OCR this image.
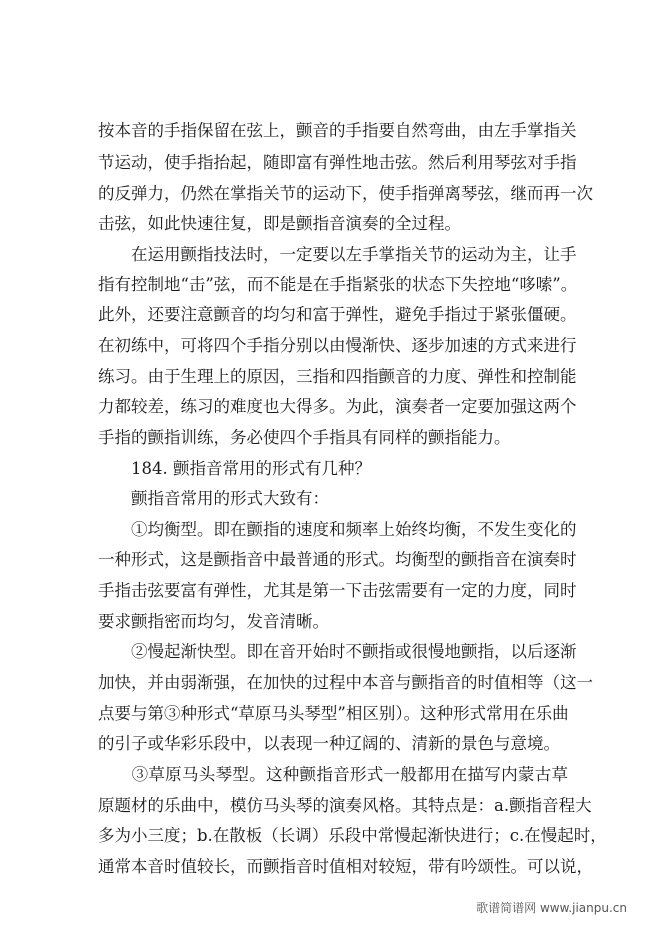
按本音的手指保留在弦上，颤音的手指要自然弯曲，由左手掌指关
节运动，使手指抬起，随即富有弹性地击弦。然后利用琴弦对手指
的反弹力，仍然在掌指关节的运动下，使手指弹离琴弦，继而再一次
击弦，如此快速往复，即是颤指音演奏的全过程。
　　在运用颤指技法时，一定要以左手掌指关节的运动为主，让手
指有控制地“击”弦，而不能是在手指紧张的状态下失控地“哆嗦”。
此外，还要注意颤音的均匀和富于弹性，避免手指过于紧张僵硬。
在初练中，可将四个手指分别以由慢渐快、逐步加速的方式来进行
练习。由于生理上的原因，三指和四指颤音的力度、弹性和控制能
力都较差，练习的难度也大得多。为此，演奏者一定要加强这两个
手指的颤指训练，务必使四个手指具有同样的颤指能力。
　　184. 颤指音常用的形式有几种？
　　颤指音常用的形式大致有：
　　①均衡型。即在颤指的速度和频率上始终均衡，不发生变化的
一种形式，这是颤指音中最普通的形式。均衡型的颤指音在演奏时
手指击弦要富有弹性，尤其是第一下击弦需要有一定的力度，同时
要求颤指密而均匀，发音清晰。
　　②慢起渐快型。即在音开始时不颤指或很慢地颤指，以后逐渐
加快，并由弱渐强，在加快的过程中本音与颤指音的时值相等（这一
点要与第③种形式“草原马头琴型”相区别）。这种形式常用在乐曲
的引子或华彩乐段中，以表现一种辽阔的、清新的景色与意境。
　　③草原马头琴型。这种颤指音形式一般都用在描写内蒙古草
原题材的乐曲中，模仿马头琴的演奏风格。其特点是：a.颤指音程大
多为小三度；b.在散板（长调）乐段中常慢起渐快进行；c.在慢起时，
通常本音时值较长，而颤指音时值相对较短，带有吟颂性。可以说，
歌谱简谱网 www.jianpu.cn
